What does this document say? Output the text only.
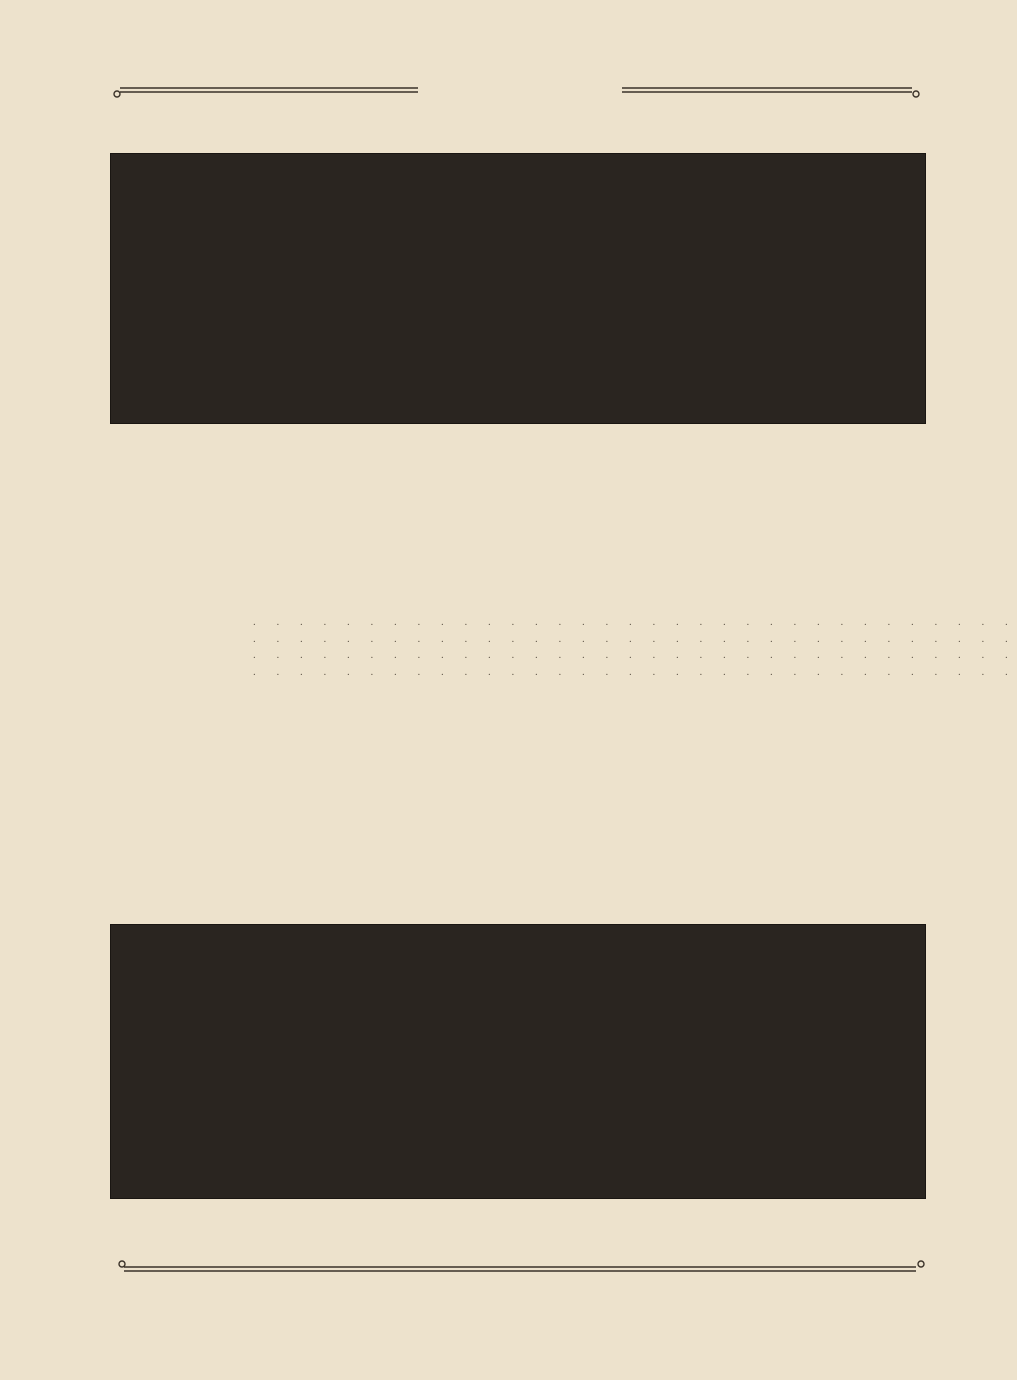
. . . . . . . . . . . . . . . . . . . . . . . . . . . . . . . . .
. . . . . . . . . . . . . . . . . . . . . . . . . . . . . . . . .
. . . . . . . . . . . . . . . . . . . . . . . . . . . . . . . . .
. . . . . . . . . . . . . . . . . . . . . . . . . . . . . . . . .
